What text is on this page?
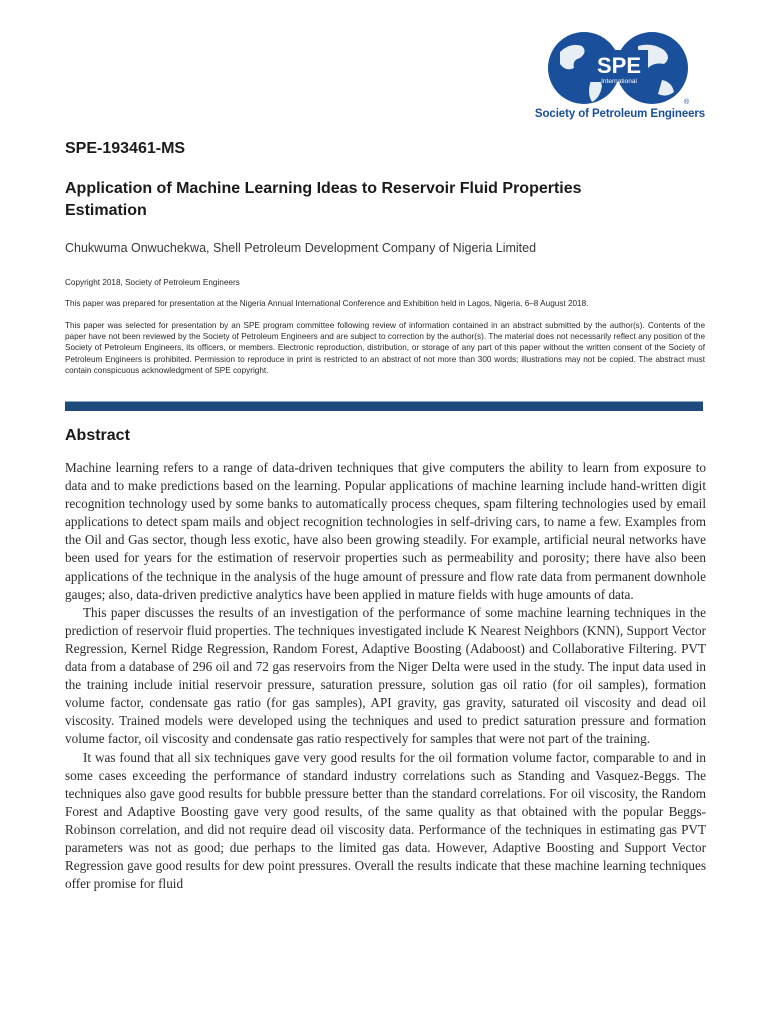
SPE
International
®
Society of Petroleum Engineers
SPE-193461-MS
Application of Machine Learning Ideas to Reservoir Fluid Properties Estimation
Chukwuma Onwuchekwa, Shell Petroleum Development Company of Nigeria Limited
Copyright 2018, Society of Petroleum Engineers
This paper was prepared for presentation at the Nigeria Annual International Conference and Exhibition held in Lagos, Nigeria, 6–8 August 2018.
This paper was selected for presentation by an SPE program committee following review of information contained in an abstract submitted by the author(s). Contents of the paper have not been reviewed by the Society of Petroleum Engineers and are subject to correction by the author(s). The material does not necessarily reflect any position of the Society of Petroleum Engineers, its officers, or members. Electronic reproduction, distribution, or storage of any part of this paper without the written consent of the Society of Petroleum Engineers is prohibited. Permission to reproduce in print is restricted to an abstract of not more than 300 words; illustrations may not be copied. The abstract must contain conspicuous acknowledgment of SPE copyright.
Abstract

Machine learning refers to a range of data-driven techniques that give computers the ability to learn from exposure to data and to make predictions based on the learning. Popular applications of machine learning include hand-written digit recognition technology used by some banks to automatically process cheques, spam filtering technologies used by email applications to detect spam mails and object recognition technologies in self-driving cars, to name a few. Examples from the Oil and Gas sector, though less exotic, have also been growing steadily. For example, artificial neural networks have been used for years for the estimation of reservoir properties such as permeability and porosity; there have also been applications of the technique in the analysis of the huge amount of pressure and flow rate data from permanent downhole gauges; also, data-driven predictive analytics have been applied in mature fields with huge amounts of data.

This paper discusses the results of an investigation of the performance of some machine learning techniques in the prediction of reservoir fluid properties. The techniques investigated include K Nearest Neighbors (KNN), Support Vector Regression, Kernel Ridge Regression, Random Forest, Adaptive Boosting (Adaboost) and Collaborative Filtering. PVT data from a database of 296 oil and 72 gas reservoirs from the Niger Delta were used in the study. The input data used in the training include initial reservoir pressure, saturation pressure, solution gas oil ratio (for oil samples), formation volume factor, condensate gas ratio (for gas samples), API gravity, gas gravity, saturated oil viscosity and dead oil viscosity. Trained models were developed using the techniques and used to predict saturation pressure and formation volume factor, oil viscosity and condensate gas ratio respectively for samples that were not part of the training.

It was found that all six techniques gave very good results for the oil formation volume factor, comparable to and in some cases exceeding the performance of standard industry correlations such as Standing and Vasquez-Beggs. The techniques also gave good results for bubble pressure better than the standard correlations. For oil viscosity, the Random Forest and Adaptive Boosting gave very good results, of the same quality as that obtained with the popular Beggs-Robinson correlation, and did not require dead oil viscosity data. Performance of the techniques in estimating gas PVT parameters was not as good; due perhaps to the limited gas data. However, Adaptive Boosting and Support Vector Regression gave good results for dew point pressures. Overall the results indicate that these machine learning techniques offer promise for fluid
